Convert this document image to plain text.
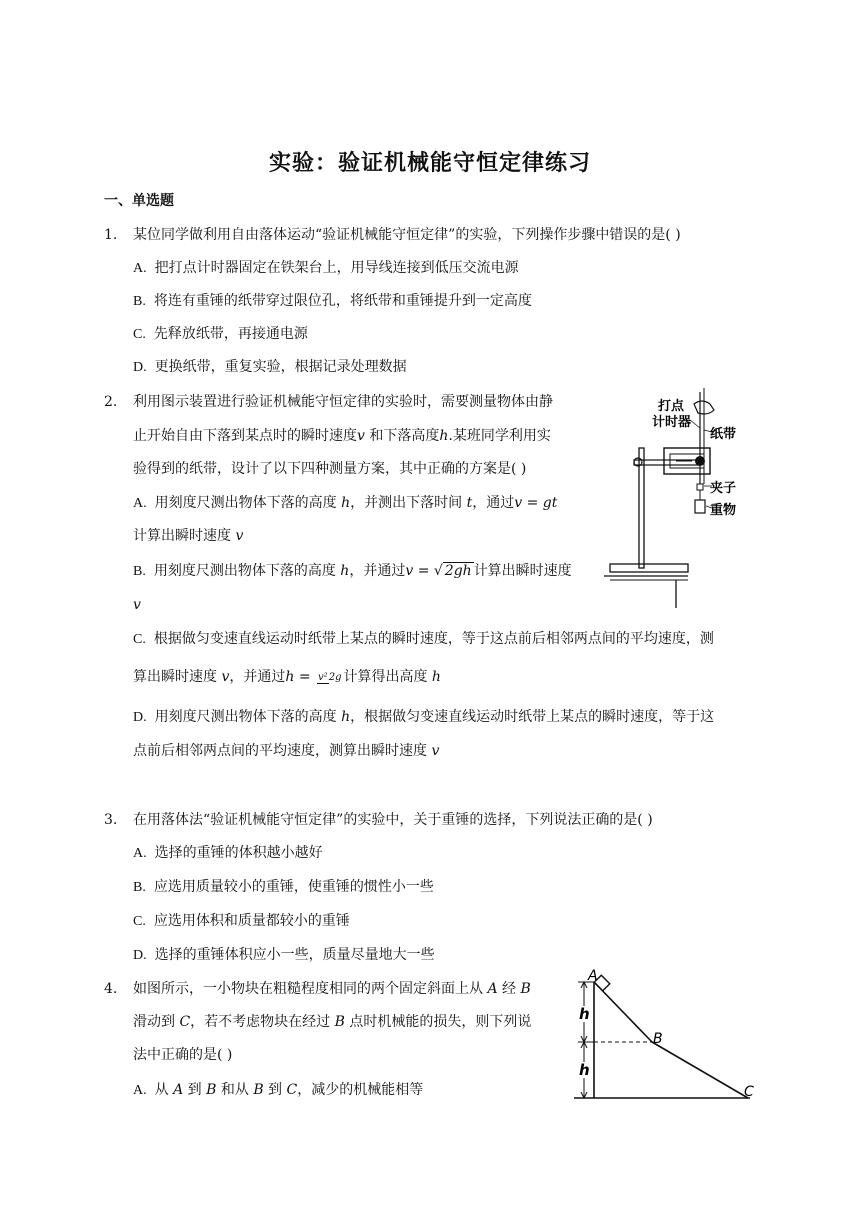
实验：验证机械能守恒定律练习
一、单选题
1. 某位同学做利用自由落体运动“验证机械能守恒定律”的实验，下列操作步骤中错误的是( )
A. 把打点计时器固定在铁架台上，用导线连接到低压交流电源
B. 将连有重锤的纸带穿过限位孔，将纸带和重锤提升到一定高度
C. 先释放纸带，再接通电源
D. 更换纸带，重复实验，根据记录处理数据
2. 利用图示装置进行验证机械能守恒定律的实验时，需要测量物体由静
止开始自由下落到某点时的瞬时速度v 和下落高度h.某班同学利用实
验得到的纸带，设计了以下四种测量方案，其中正确的方案是( )
A. 用刻度尺测出物体下落的高度 h，并测出下落时间 t，通过v = gt
计算出瞬时速度 v
B. 用刻度尺测出物体下落的高度 h，并通过v = √ 2gh 计算出瞬时速度
v
C. 根据做匀变速直线运动时纸带上某点的瞬时速度，等于这点前后相邻两点间的平均速度，测
算出瞬时速度 v，并通过h = v²2g 计算得出高度 h
D. 用刻度尺测出物体下落的高度 h，根据做匀变速直线运动时纸带上某点的瞬时速度，等于这
点前后相邻两点间的平均速度，测算出瞬时速度 v
打点
计时器
纸带
夹子
重物
3. 在用落体法“验证机械能守恒定律”的实验中，关于重锤的选择，下列说法正确的是( )
A. 选择的重锤的体积越小越好
B. 应选用质量较小的重锤，使重锤的惯性小一些
C. 应选用体积和质量都较小的重锤
D. 选择的重锤体积应小一些，质量尽量地大一些
4. 如图所示，一小物块在粗糙程度相同的两个固定斜面上从 A 经 B
滑动到 C，若不考虑物块在经过 B 点时机械能的损失，则下列说
法中正确的是( )
A. 从 A 到 B 和从 B 到 C，减少的机械能相等
h
h
A
B
C
